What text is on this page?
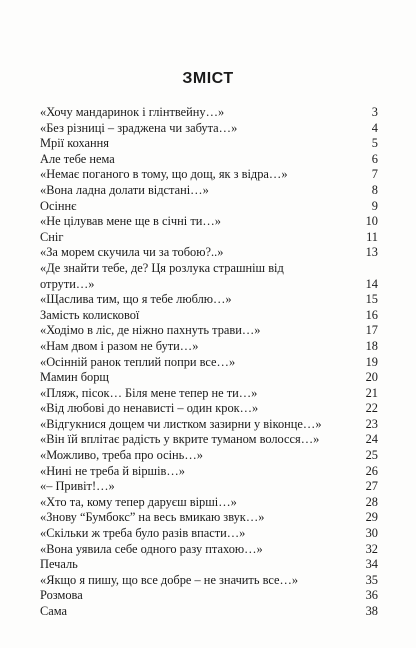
ЗМІСТ
«Хочу мандаринок і глінтвейну…»	3
«Без різниці – зраджена чи забута…»	4
Мрії кохання	5
Але тебе нема	6
«Немає поганого в тому, що дощ, як з відра…»	7
«Вона ладна долати відстані…»	8
Осіннє	9
«Не цілував мене ще в січні ти…»	10
Сніг	11
«За морем скучила чи за тобою?..»	13
«Де знайти тебе, де? Ця розлука страшніш від отрути…»	14
«Щаслива тим, що я тебе люблю…»	15
Замість колискової	16
«Ходімо в ліс, де ніжно пахнуть трави…»	17
«Нам двом і разом не бути…»	18
«Осінній ранок теплий попри все…»	19
Мамин борщ	20
«Пляж, пісок… Біля мене тепер не ти…»	21
«Від любові до ненависті – один крок…»	22
«Відгукнися дощем чи листком зазирни у віконце…»	23
«Він їй вплітає радість у вкрите туманом волосся…»	24
«Можливо, треба про осінь…»	25
«Нині не треба й віршів…»	26
«– Привіт!…»	27
«Хто та, кому тепер даруєш вірші…»	28
«Знову “Бумбокс” на весь вмикаю звук…»	29
«Скільки ж треба було разів впасти…»	30
«Вона уявила себе одного разу птахою…»	32
Печаль	34
«Якщо я пишу, що все добре – не значить все…»	35
Розмова	36
Сама	38
